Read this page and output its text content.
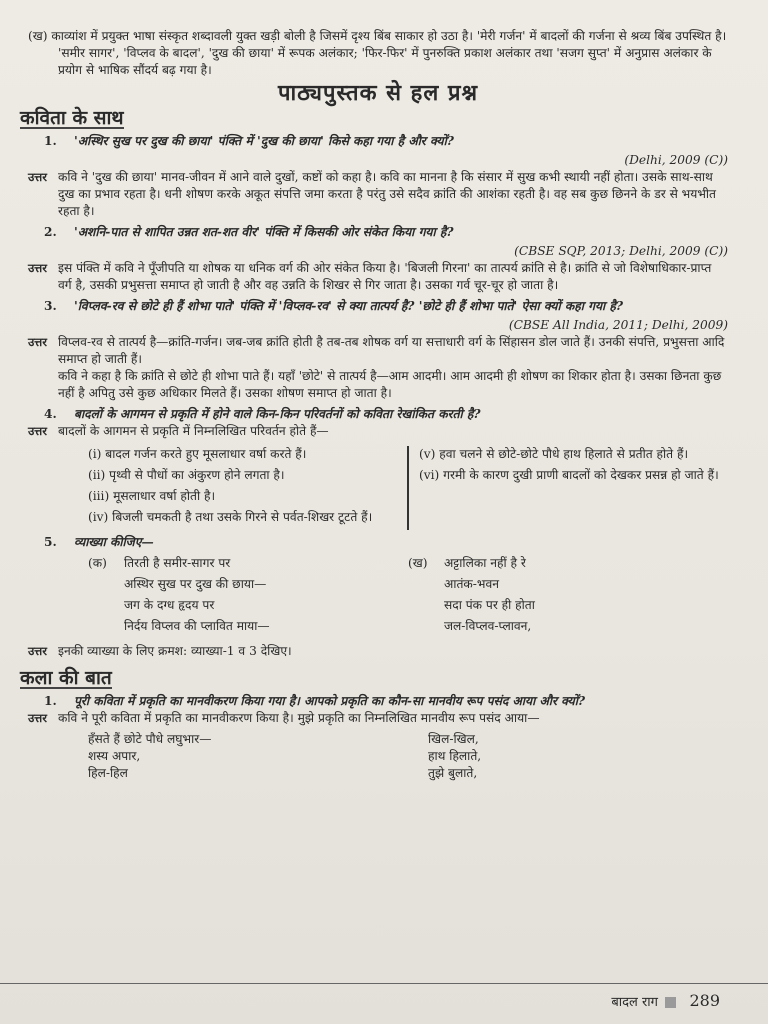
(ख) काव्यांश में प्रयुक्त भाषा संस्कृत शब्दावली युक्त खड़ी बोली है जिसमें दृश्य बिंब साकार हो उठा है। 'मेरी गर्जन' में बादलों की गर्जना से श्रव्य बिंब उपस्थित है। 'समीर सागर', 'विप्लव के बादल', 'दुख की छाया' में रूपक अलंकार; 'फिर-फिर' में पुनरुक्ति प्रकाश अलंकार तथा 'सजग सुप्त' में अनुप्रास अलंकार के प्रयोग से भाषिक सौंदर्य बढ़ गया है।

पाठ्यपुस्तक से हल प्रश्न
कविता के साथ
1.	'अस्थिर सुख पर दुख की छाया' पंक्ति में 'दुख की छाया' किसे कहा गया है और क्यों?
(Delhi, 2009 (C))
उत्तर कवि ने 'दुख की छाया' मानव-जीवन में आने वाले दुखों, कष्टों को कहा है। कवि का मानना है कि संसार में सुख कभी स्थायी नहीं होता। उसके साथ-साथ दुख का प्रभाव रहता है। धनी शोषण करके अकूत संपत्ति जमा करता है परंतु उसे सदैव क्रांति की आशंका रहती है। वह सब कुछ छिनने के डर से भयभीत रहता है।
2.	'अशनि-पात से शापित उन्नत शत-शत वीर' पंक्ति में किसकी ओर संकेत किया गया है?
(CBSE SQP, 2013; Delhi, 2009 (C))
उत्तर इस पंक्ति में कवि ने पूँजीपति या शोषक या धनिक वर्ग की ओर संकेत किया है। 'बिजली गिरना' का तात्पर्य क्रांति से है। क्रांति से जो विशेषाधिकार-प्राप्त वर्ग है, उसकी प्रभुसत्ता समाप्त हो जाती है और वह उन्नति के शिखर से गिर जाता है। उसका गर्व चूर-चूर हो जाता है।
3.	'विप्लव-रव से छोटे ही हैं शोभा पाते' पंक्ति में 'विप्लव-रव' से क्या तात्पर्य है? 'छोटे ही हैं शोभा पाते' ऐसा क्यों कहा गया है?
(CBSE All India, 2011; Delhi, 2009)
उत्तर विप्लव-रव से तात्पर्य है—क्रांति-गर्जन। जब-जब क्रांति होती है तब-तब शोषक वर्ग या सत्ताधारी वर्ग के सिंहासन डोल जाते हैं। उनकी संपत्ति, प्रभुसत्ता आदि समाप्त हो जाती हैं।
कवि ने कहा है कि क्रांति से छोटे ही शोभा पाते हैं। यहाँ 'छोटे' से तात्पर्य है—आम आदमी। आम आदमी ही शोषण का शिकार होता है। उसका छिनता कुछ नहीं है अपितु उसे कुछ अधिकार मिलते हैं। उसका शोषण समाप्त हो जाता है।
4.	बादलों के आगमन से प्रकृति में होने वाले किन-किन परिवर्तनों को कविता रेखांकित करती है?
उत्तर बादलों के आगमन से प्रकृति में निम्नलिखित परिवर्तन होते हैं—
(i) बादल गर्जन करते हुए मूसलाधार वर्षा करते हैं।
(ii) पृथ्वी से पौधों का अंकुरण होने लगता है।
(iii) मूसलाधार वर्षा होती है।
(iv) बिजली चमकती है तथा उसके गिरने से पर्वत-शिखर टूटते हैं।
(v) हवा चलने से छोटे-छोटे पौधे हाथ हिलाते से प्रतीत होते हैं।
(vi) गरमी के कारण दुखी प्राणी बादलों को देखकर प्रसन्न हो जाते हैं।
5.	व्याख्या कीजिए—
(क)	तिरती है समीर-सागर पर
अस्थिर सुख पर दुख की छाया—
जग के दग्ध हृदय पर
निर्दय विप्लव की प्लावित माया—
(ख)	अट्टालिका नहीं है रे
आतंक-भवन
सदा पंक पर ही होता
जल-विप्लव-प्लावन,
उत्तर इनकी व्याख्या के लिए क्रमश: व्याख्या-1 व 3 देखिए।
कला की बात
1.	पूरी कविता में प्रकृति का मानवीकरण किया गया है। आपको प्रकृति का कौन-सा मानवीय रूप पसंद आया और क्यों?
उत्तर कवि ने पूरी कविता में प्रकृति का मानवीकरण किया है। मुझे प्रकृति का निम्नलिखित मानवीय रूप पसंद आया—
हँसते हैं छोटे पौधे लघुभार—	खिल-खिल,
शस्य अपार,	हाथ हिलाते,
हिल-हिल	तुझे बुलाते,
बादल राग 289
